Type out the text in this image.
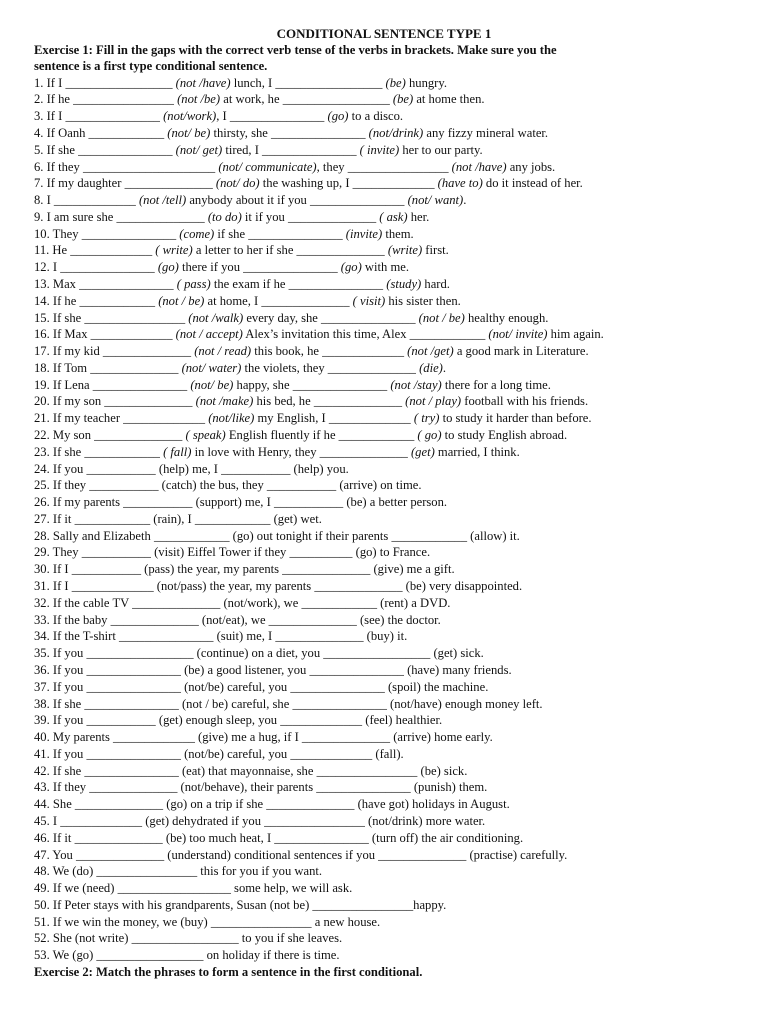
CONDITIONAL SENTENCE TYPE 1
Exercise 1: Fill in the gaps with the correct verb tense of the verbs in brackets. Make sure you the
sentence is a first type conditional sentence.
1. If I _________________ (not /have) lunch, I _________________ (be) hungry.
2. If he ________________ (not /be) at work, he _________________ (be) at home then.
3. If I _______________ (not/work), I _______________ (go) to a disco.
4. If Oanh ____________ (not/ be) thirsty, she _______________ (not/drink) any fizzy mineral water.
5. If she _______________ (not/ get) tired, I _______________ ( invite) her to our party.
6. If they _____________________ (not/ communicate), they ________________ (not /have) any jobs.
7. If my daughter ______________ (not/ do) the washing up, I _____________ (have to) do it instead of her.
8. I _____________ (not /tell) anybody about it if you _______________ (not/ want).
9. I am sure she ______________ (to do) it if you ______________ ( ask) her.
10. They _______________ (come) if she _______________ (invite) them.
11. He _____________ ( write) a letter to her if she ______________ (write) first.
12. I _______________ (go) there if you _______________ (go) with me.
13. Max _______________ ( pass) the exam if he _______________ (study) hard.
14. If he ____________ (not / be) at home, I ______________ ( visit) his sister then.
15. If she ________________ (not /walk) every day, she _______________ (not / be) healthy enough.
16. If Max _____________ (not / accept) Alex’s invitation this time, Alex ____________ (not/ invite) him again.
17. If my kid ______________ (not / read) this book, he _____________ (not /get) a good mark in Literature.
18. If Tom ______________ (not/ water) the violets, they ______________ (die).
19. If Lena _______________ (not/ be) happy, she _______________ (not /stay) there for a long time.
20. If my son ______________ (not /make) his bed, he ______________ (not / play) football with his friends.
21. If my teacher _____________ (not/like) my English, I _____________ ( try) to study it harder than before.
22. My son ______________ ( speak) English fluently if he ____________ ( go) to study English abroad.
23. If she ____________ ( fall) in love with Henry, they ______________ (get) married, I think.
24. If you ___________ (help) me, I ___________ (help) you.
25. If they ___________ (catch) the bus, they ___________ (arrive) on time.
26. If my parents ___________ (support) me, I ___________ (be) a better person.
27. If it ____________ (rain), I ____________ (get) wet.
28. Sally and Elizabeth ____________ (go) out tonight if their parents ____________ (allow) it.
29. They ___________ (visit) Eiffel Tower if they __________ (go) to France.
30. If I ___________ (pass) the year, my parents ______________ (give) me a gift.
31. If I _____________ (not/pass) the year, my parents ______________ (be) very disappointed.
32. If the cable TV ______________ (not/work), we ____________ (rent) a DVD.
33. If the baby ______________ (not/eat), we ______________ (see) the doctor.
34. If the T-shirt _______________ (suit) me, I ______________ (buy) it.
35. If you _________________ (continue) on a diet, you _________________ (get) sick.
36. If you _______________ (be) a good listener, you _______________ (have) many friends.
37. If you _______________ (not/be) careful, you _______________ (spoil) the machine.
38. If she _______________ (not / be) careful, she _______________ (not/have) enough money left.
39. If you ___________ (get) enough sleep, you _____________ (feel) healthier.
40. My parents _____________ (give) me a hug, if I ______________ (arrive) home early.
41. If you _______________ (not/be) careful, you _____________ (fall).
42. If she _______________ (eat) that mayonnaise, she ________________ (be) sick.
43. If they ______________ (not/behave), their parents _______________ (punish) them.
44. She ______________ (go) on a trip if she ______________ (have got) holidays in August.
45. I _____________ (get) dehydrated if you ________________ (not/drink) more water.
46. If it ______________ (be) too much heat, I _______________ (turn off) the air conditioning.
47. You ______________ (understand) conditional sentences if you ______________ (practise) carefully.
48. We (do) ________________ this for you if you want.
49. If we (need) __________________ some help, we will ask.
50. If Peter stays with his grandparents, Susan (not be) ________________happy.
51. If we win the money, we (buy) ________________ a new house.
52. She (not write) _________________ to you if she leaves.
53. We (go) _________________ on holiday if there is time.
Exercise 2: Match the phrases to form a sentence in the first conditional.
